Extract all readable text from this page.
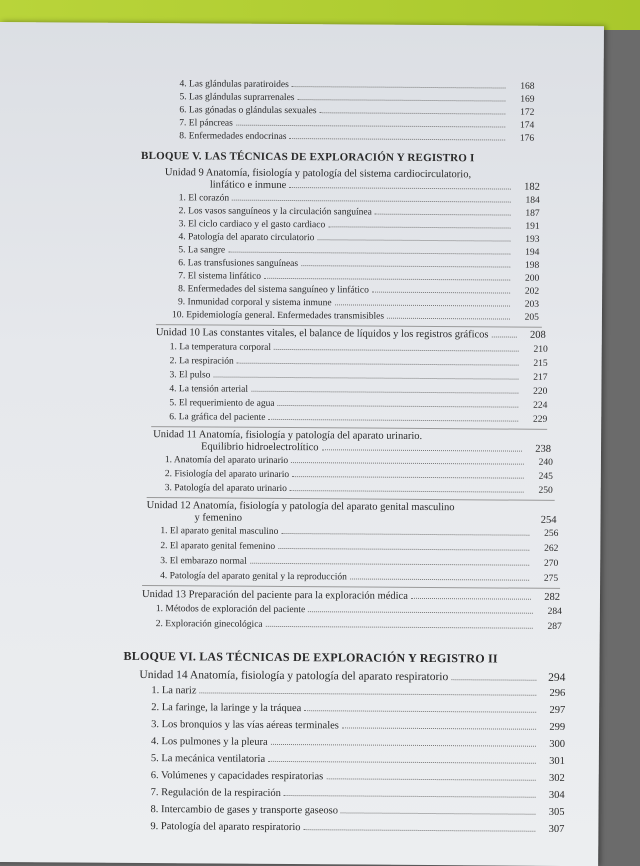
4. Las glándulas paratiroides	168
5. Las glándulas suprarrenales	169
6. Las gónadas o glándulas sexuales	172
7. El páncreas	174
8. Enfermedades endocrinas	176
BLOQUE V. LAS TÉCNICAS DE EXPLORACIÓN Y REGISTRO I
Unidad 9 Anatomía, fisiología y patología del sistema cardiocirculatorio,
linfático e inmune	182
1. El corazón	184
2. Los vasos sanguíneos y la circulación sanguínea	187
3. El ciclo cardiaco y el gasto cardiaco	191
4. Patología del aparato circulatorio	193
5. La sangre	194
6. Las transfusiones sanguíneas	198
7. El sistema linfático	200
8. Enfermedades del sistema sanguíneo y linfático	202
9. Inmunidad corporal y sistema inmune	203
10. Epidemiología general. Enfermedades transmisibles	205
Unidad 10 Las constantes vitales, el balance de líquidos y los registros gráficos	208
1. La temperatura corporal	210
2. La respiración	215
3. El pulso	217
4. La tensión arterial	220
5. El requerimiento de agua	224
6. La gráfica del paciente	229
Unidad 11 Anatomía, fisiología y patología del aparato urinario.
Equilibrio hidroelectrolítico	238
1. Anatomía del aparato urinario	240
2. Fisiología del aparato urinario	245
3. Patología del aparato urinario	250
Unidad 12 Anatomía, fisiología y patología del aparato genital masculino
y femenino	254
1. El aparato genital masculino	256
2. El aparato genital femenino	262
3. El embarazo normal	270
4. Patología del aparato genital y la reproducción	275
Unidad 13 Preparación del paciente para la exploración médica	282
1. Métodos de exploración del paciente	284
2. Exploración ginecológica	287
BLOQUE VI. LAS TÉCNICAS DE EXPLORACIÓN Y REGISTRO II
Unidad 14 Anatomía, fisiología y patología del aparato respiratorio	294
1. La nariz	296
2. La faringe, la laringe y la tráquea	297
3. Los bronquios y las vías aéreas terminales	299
4. Los pulmones y la pleura	300
5. La mecánica ventilatoria	301
6. Volúmenes y capacidades respiratorias	302
7. Regulación de la respiración	304
8. Intercambio de gases y transporte gaseoso	305
9. Patología del aparato respiratorio	307
